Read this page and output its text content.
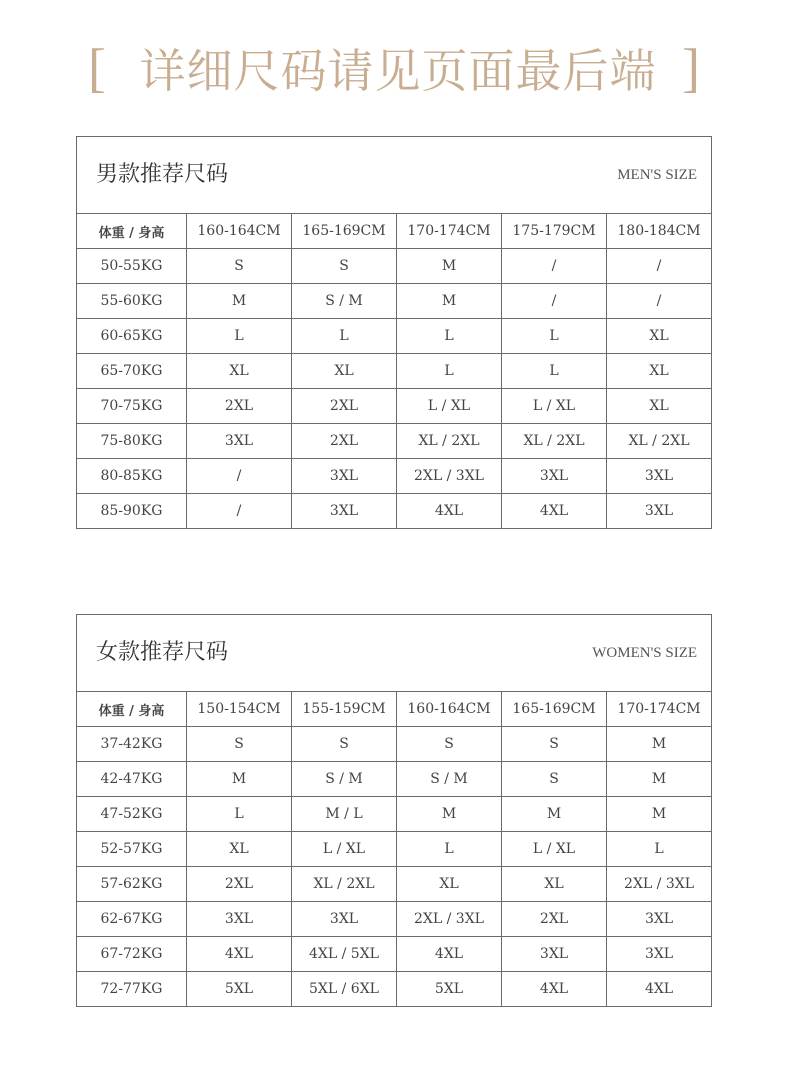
[ 详细尺码请见页面最后端 ]
男款推荐尺码 MEN'S SIZE					

体重 / 身高	160-164CM	165-169CM	170-174CM	175-179CM	180-184CM
50-55KG	S	S	M	/	/
55-60KG	M	S / M	M	/	/
60-65KG	L	L	L	L	XL
65-70KG	XL	XL	L	L	XL
70-75KG	2XL	2XL	L / XL	L / XL	XL
75-80KG	3XL	2XL	XL / 2XL	XL / 2XL	XL / 2XL
80-85KG	/	3XL	2XL / 3XL	3XL	3XL
85-90KG	/	3XL	4XL	4XL	3XL
女款推荐尺码 WOMEN'S SIZE					

体重 / 身高	150-154CM	155-159CM	160-164CM	165-169CM	170-174CM
37-42KG	S	S	S	S	M
42-47KG	M	S / M	S / M	S	M
47-52KG	L	M / L	M	M	M
52-57KG	XL	L / XL	L	L / XL	L
57-62KG	2XL	XL / 2XL	XL	XL	2XL / 3XL
62-67KG	3XL	3XL	2XL / 3XL	2XL	3XL
67-72KG	4XL	4XL / 5XL	4XL	3XL	3XL
72-77KG	5XL	5XL / 6XL	5XL	4XL	4XL
